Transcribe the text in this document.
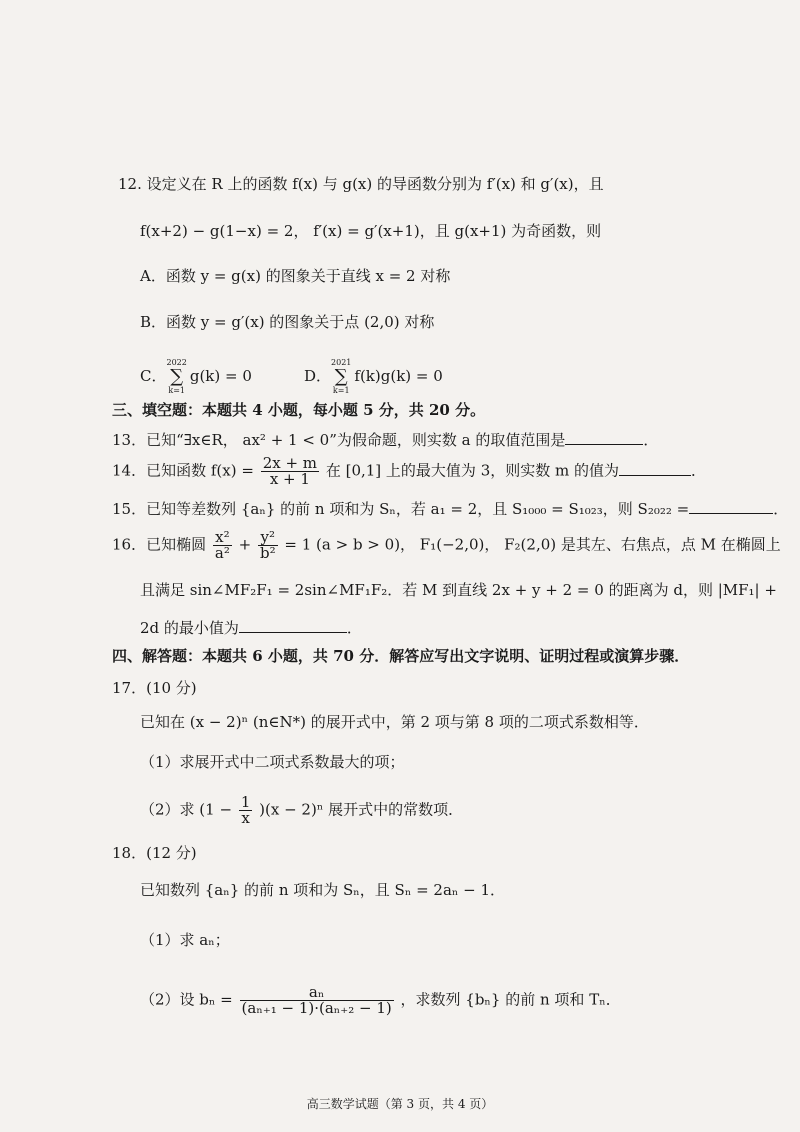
12. 设定义在 R 上的函数 f(x) 与 g(x) 的导函数分别为 f′(x) 和 g′(x)，且
f(x+2) − g(1−x) = 2， f′(x) = g′(x+1)，且 g(x+1) 为奇函数，则
A．函数 y = g(x) 的图象关于直线 x = 2 对称
B．函数 y = g′(x) 的图象关于点 (2,0) 对称
C．
2022
∑
k=1
g(k) = 0	D．
2021
∑
k=1
f(k)g(k) = 0
三、填空题：本题共 4 小题，每小题 5 分，共 20 分。
13．已知“∃x∈R， ax² + 1 < 0”为假命题，则实数 a 的取值范围是	．
14．已知函数 $f(x) = \frac{2x + m}{x + 1}$ 在 [0,1] 上的最大值为 3，则实数 m 的值为	．
15．已知等差数列 {aₙ} 的前 n 项和为 Sₙ，若 a₁ = 2，且 S₁₀₀₀ = S₁₀₂₃，则 S₂₀₂₂ =	．
16．已知椭圆 $\frac{\text{x²}}{\text{a²}} + \frac{\text{y²}}{\text{b²}} = 1$ (a > b > 0)， F₁(−2,0)， F₂(2,0) 是其左、右焦点，点 M 在椭圆上
且满足 sin∠MF₂F₁ = 2sin∠MF₁F₂．若 M 到直线 2x + y + 2 = 0 的距离为 d，则 |MF₁| +
2d 的最小值为	．
四、解答题：本题共 6 小题，共 70 分．解答应写出文字说明、证明过程或演算步骤．
17．(10 分)
已知在 (x − 2)ⁿ (n∈N*) 的展开式中，第 2 项与第 8 项的二项式系数相等．
（1）求展开式中二项式系数最大的项；
（2）求 $(1 - \frac{1}{x} )(x - 2)^n$ 展开式中的常数项．
18．(12 分)
已知数列 {aₙ} 的前 n 项和为 Sₙ，且 Sₙ = 2aₙ − 1．
（1）求 aₙ；
（2）设 $b_n = \frac{\text{aₙ}}{\text{(aₙ₊₁ − 1)·(aₙ₊₂ − 1)}}$ ，求数列 {bₙ} 的前 n 项和 Tₙ．
高三数学试题（第 3 页，共 4 页）
